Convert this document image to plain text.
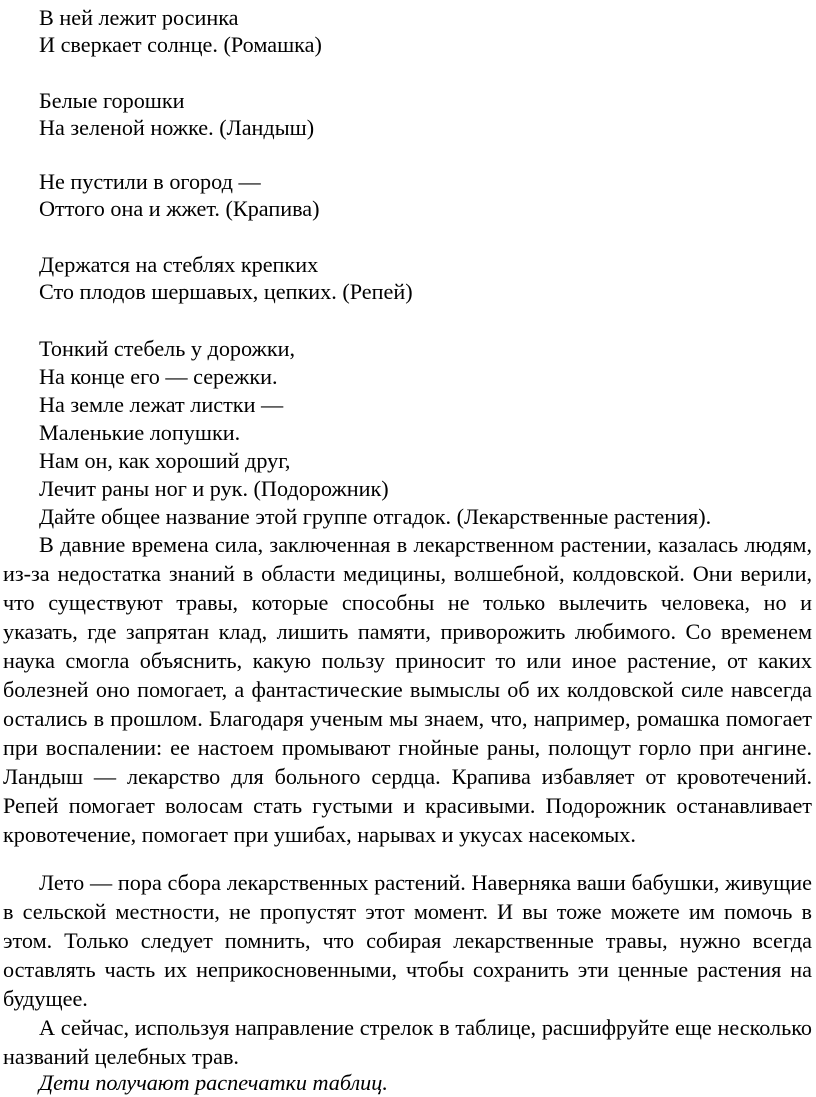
В ней лежит росинка
И сверкает солнце. (Ромашка)
Белые горошки
На зеленой ножке. (Ландыш)
Не пустили в огород —
Оттого она и жжет. (Крапива)
Держатся на стеблях крепких
Сто плодов шершавых, цепких. (Репей)
Тонкий стебель у дорожки,
На конце его — сережки.
На земле лежат листки —
Маленькие лопушки.
Нам он, как хороший друг,
Лечит раны ног и рук. (Подорожник)
Дайте общее название этой группе отгадок. (Лекарственные растения).

В давние времена сила, заключенная в лекарственном растении, казалась людям, из-за недостатка знаний в области медицины, волшебной, колдовской. Они верили, что существуют травы, которые способны не только вылечить человека, но и указать, где запрятан клад, лишить памяти, приворожить любимого. Со временем наука смогла объяснить, какую пользу приносит то или иное растение, от каких болезней оно помогает, а фантастические вымыслы об их колдовской силе навсегда остались в прошлом. Благодаря ученым мы знаем, что, например, ромашка помогает при воспалении: ее настоем промывают гнойные раны, полощут горло при ангине. Ландыш — лекарство для больного сердца. Крапива избавляет от кровотечений. Репей помогает волосам стать густыми и красивыми. Подорожник останавливает кровотечение, помогает при ушибах, нарывах и укусах насекомых.

Лето — пора сбора лекарственных растений. Наверняка ваши бабушки, живущие в сельской местности, не пропустят этот момент. И вы тоже можете им помочь в этом. Только следует помнить, что собирая лекарственные травы, нужно всегда оставлять часть их неприкосновенными, чтобы сохранить эти ценные растения на будущее.

А сейчас, используя направление стрелок в таблице, расшифруйте еще несколько названий целебных трав.

Дети получают распечатки таблиц.
